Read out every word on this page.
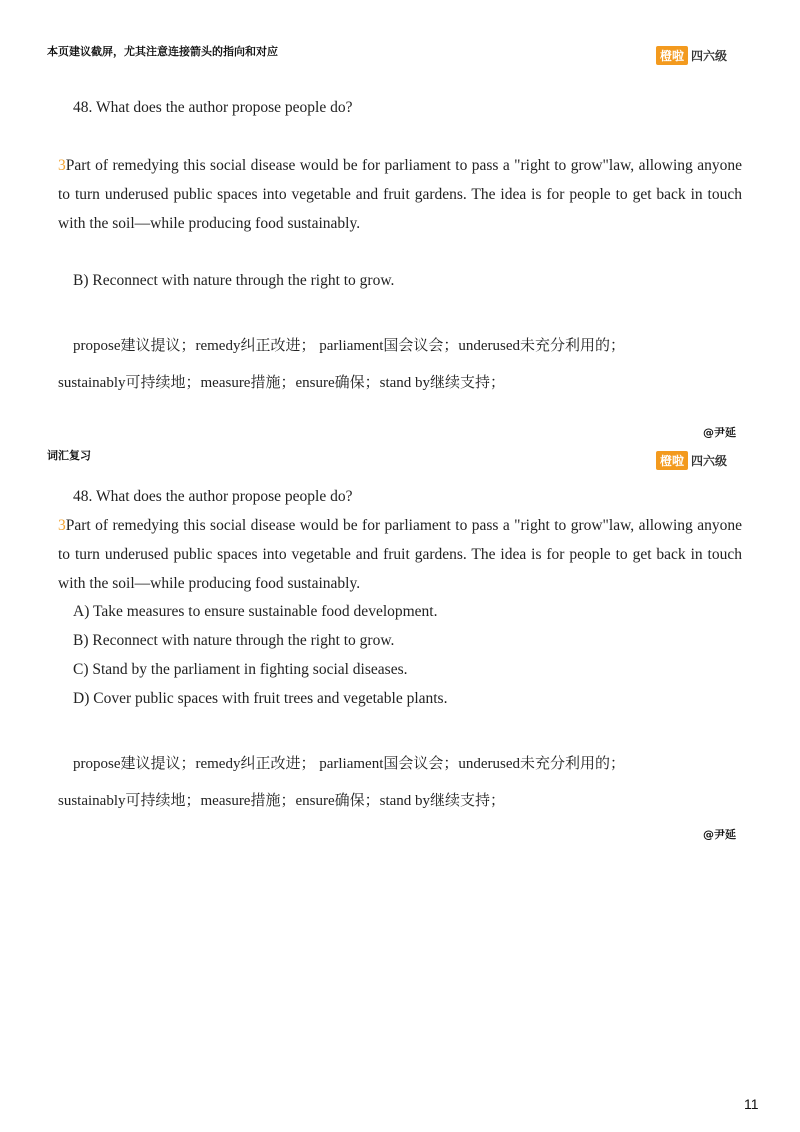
本页建议截屏，尤其注意连接箭头的指向和对应	橙啦 四六级
48. What does the author propose people do?
3Part of remedying this social disease would be for parliament to pass a "right to grow"law, allowing anyone to turn underused public spaces into vegetable and fruit gardens. The idea is for people to get back in touch with the soil—while producing food sustainably.
B) Reconnect with nature through the right to grow.
propose建议提议；remedy纠正改进； parliament国会议会；underused未充分利用的；
sustainably可持续地；measure措施；ensure确保；stand by继续支持；
@尹延
词汇复习	橙啦 四六级
48. What does the author propose people do?
3Part of remedying this social disease would be for parliament to pass a "right to grow"law, allowing anyone to turn underused public spaces into vegetable and fruit gardens. The idea is for people to get back in touch with the soil—while producing food sustainably.
A) Take measures to ensure sustainable food development.
B) Reconnect with nature through the right to grow.
C) Stand by the parliament in fighting social diseases.
D) Cover public spaces with fruit trees and vegetable plants.
propose建议提议；remedy纠正改进； parliament国会议会；underused未充分利用的；
sustainably可持续地；measure措施；ensure确保；stand by继续支持；
@尹延
11
